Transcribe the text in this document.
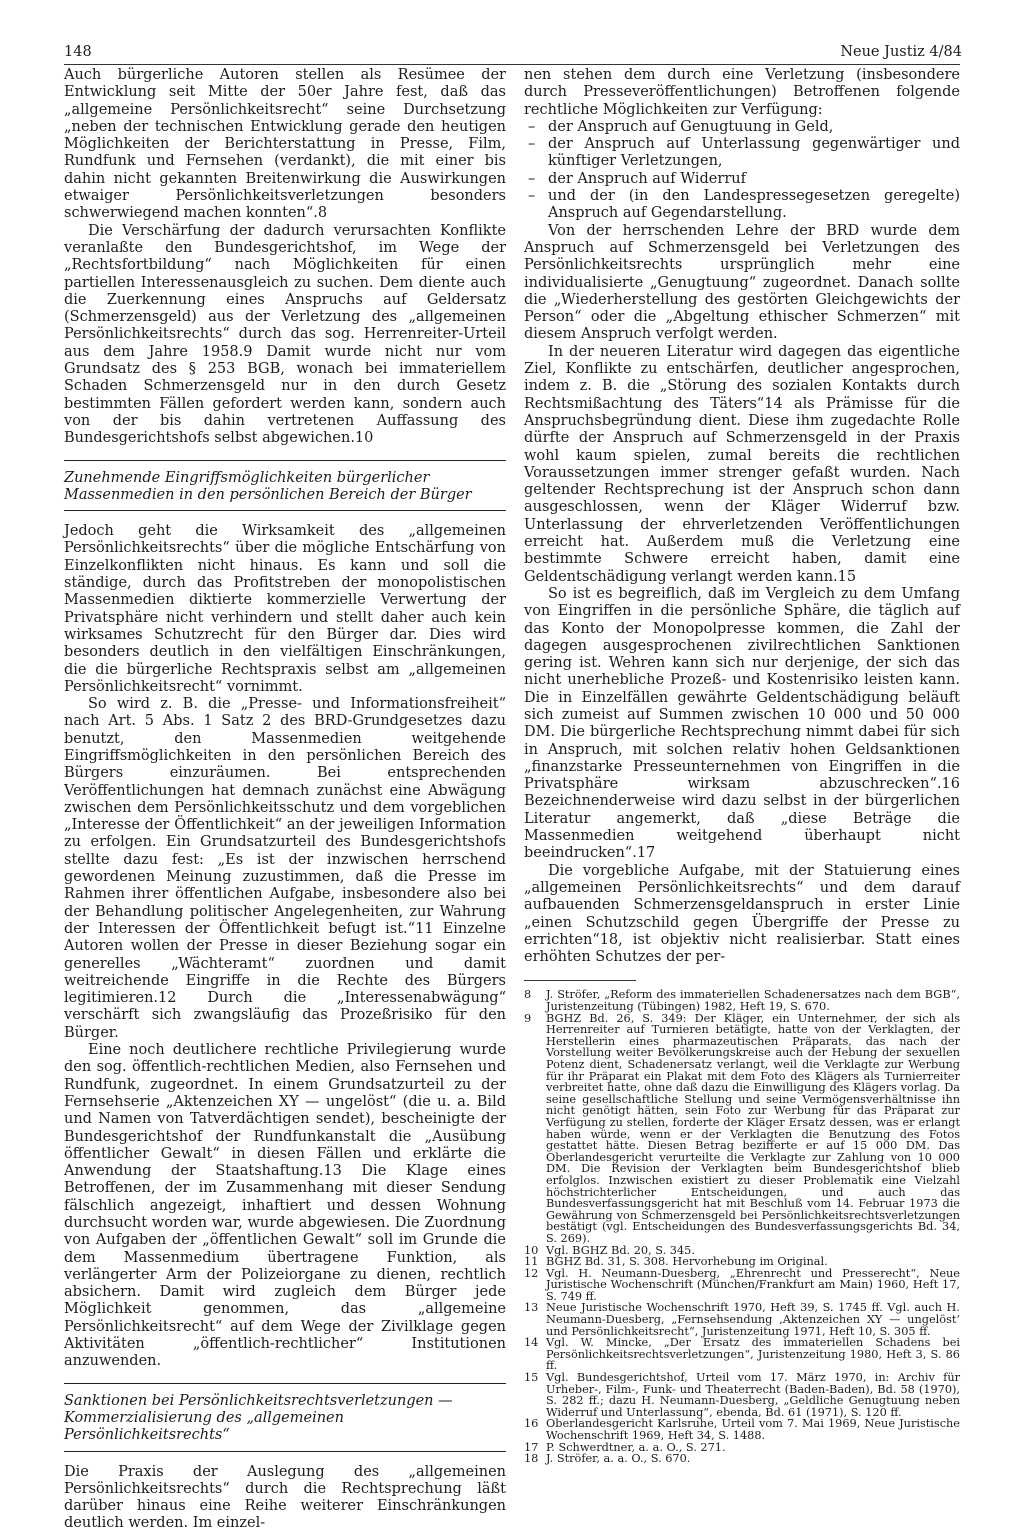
148	Neue Justiz 4/84

Auch bürgerliche Autoren stellen als Resümee der Entwicklung seit Mitte der 50er Jahre fest, daß das „allgemeine Persönlichkeitsrecht“ seine Durchsetzung „neben der technischen Entwicklung gerade den heutigen Möglichkeiten der Berichterstattung in Presse, Film, Rundfunk und Fernsehen (verdankt), die mit einer bis dahin nicht gekannten Breitenwirkung die Auswirkungen etwaiger Persönlichkeitsverletzungen besonders schwerwiegend machen konnten“.8

Die Verschärfung der dadurch verursachten Konflikte veranlaßte den Bundesgerichtshof, im Wege der „Rechtsfortbildung“ nach Möglichkeiten für einen partiellen Interessenausgleich zu suchen. Dem diente auch die Zuerkennung eines Anspruchs auf Geldersatz (Schmerzensgeld) aus der Verletzung des „allgemeinen Persönlichkeitsrechts“ durch das sog. Herrenreiter-Urteil aus dem Jahre 1958.9 Damit wurde nicht nur vom Grundsatz des § 253 BGB, wonach bei immateriellem Schaden Schmerzensgeld nur in den durch Gesetz bestimmten Fällen gefordert werden kann, sondern auch von der bis dahin vertretenen Auffassung des Bundesgerichtshofs selbst abgewichen.10

Zunehmende Eingriffsmöglichkeiten bürgerlicher
Massenmedien in den persönlichen Bereich der Bürger

Jedoch geht die Wirksamkeit des „allgemeinen Persönlichkeitsrechts“ über die mögliche Entschärfung von Einzelkonflikten nicht hinaus. Es kann und soll die ständige, durch das Profitstreben der monopolistischen Massenmedien diktierte kommerzielle Verwertung der Privatsphäre nicht verhindern und stellt daher auch kein wirksames Schutzrecht für den Bürger dar. Dies wird besonders deutlich in den vielfältigen Einschränkungen, die die bürgerliche Rechtspraxis selbst am „allgemeinen Persönlichkeitsrecht“ vornimmt.

So wird z. B. die „Presse- und Informationsfreiheit“ nach Art. 5 Abs. 1 Satz 2 des BRD-Grundgesetzes dazu benutzt, den Massenmedien weitgehende Eingriffsmöglichkeiten in den persönlichen Bereich des Bürgers einzuräumen. Bei entsprechenden Veröffentlichungen hat demnach zunächst eine Abwägung zwischen dem Persönlichkeitsschutz und dem vorgeblichen „Interesse der Öffentlichkeit“ an der jeweiligen Information zu erfolgen. Ein Grundsatzurteil des Bundesgerichtshofs stellte dazu fest: „Es ist der inzwischen herrschend gewordenen Meinung zuzustimmen, daß die Presse im Rahmen ihrer öffentlichen Aufgabe, insbesondere also bei der Behandlung politischer Angelegenheiten, zur Wahrung der Interessen der Öffentlichkeit befugt ist.“11 Einzelne Autoren wollen der Presse in dieser Beziehung sogar ein generelles „Wächteramt“ zuordnen und damit weitreichende Eingriffe in die Rechte des Bürgers legitimieren.12 Durch die „Interessenabwägung“ verschärft sich zwangsläufig das Prozeßrisiko für den Bürger.

Eine noch deutlichere rechtliche Privilegierung wurde den sog. öffentlich-rechtlichen Medien, also Fernsehen und Rundfunk, zugeordnet. In einem Grundsatzurteil zu der Fernsehserie „Aktenzeichen XY — ungelöst“ (die u. a. Bild und Namen von Tatverdächtigen sendet), bescheinigte der Bundesgerichtshof der Rundfunkanstalt die „Ausübung öffentlicher Gewalt“ in diesen Fällen und erklärte die Anwendung der Staatshaftung.13 Die Klage eines Betroffenen, der im Zusammenhang mit dieser Sendung fälschlich angezeigt, inhaftiert und dessen Wohnung durchsucht worden war, wurde abgewiesen. Die Zuordnung von Aufgaben der „öffentlichen Gewalt“ soll im Grunde die dem Massenmedium übertragene Funktion, als verlängerter Arm der Polizeiorgane zu dienen, rechtlich absichern. Damit wird zugleich dem Bürger jede Möglichkeit genommen, das „allgemeine Persönlichkeitsrecht“ auf dem Wege der Zivilklage gegen Aktivitäten „öffentlich-rechtlicher“ Institutionen anzuwenden.

Sanktionen bei Persönlichkeitsrechtsverletzungen —
Kommerzialisierung des „allgemeinen Persönlichkeitsrechts“

Die Praxis der Auslegung des „allgemeinen Persönlichkeitsrechts“ durch die Rechtsprechung läßt darüber hinaus eine Reihe weiterer Einschränkungen deutlich werden. Im einzel-

nen stehen dem durch eine Verletzung (insbesondere durch Presseveröffentlichungen) Betroffenen folgende rechtliche Möglichkeiten zur Verfügung:

– der Anspruch auf Genugtuung in Geld,
– der Anspruch auf Unterlassung gegenwärtiger und künftiger Verletzungen,
– der Anspruch auf Widerruf
– und der (in den Landespressegesetzen geregelte) Anspruch auf Gegendarstellung.

Von der herrschenden Lehre der BRD wurde dem Anspruch auf Schmerzensgeld bei Verletzungen des Persönlichkeitsrechts ursprünglich mehr eine individualisierte „Genugtuung“ zugeordnet. Danach sollte die „Wiederherstellung des gestörten Gleichgewichts der Person“ oder die „Abgeltung ethischer Schmerzen“ mit diesem Anspruch verfolgt werden.

In der neueren Literatur wird dagegen das eigentliche Ziel, Konflikte zu entschärfen, deutlicher angesprochen, indem z. B. die „Störung des sozialen Kontakts durch Rechtsmißachtung des Täters“14 als Prämisse für die Anspruchsbegründung dient. Diese ihm zugedachte Rolle dürfte der Anspruch auf Schmerzensgeld in der Praxis wohl kaum spielen, zumal bereits die rechtlichen Voraussetzungen immer strenger gefaßt wurden. Nach geltender Rechtsprechung ist der Anspruch schon dann ausgeschlossen, wenn der Kläger Widerruf bzw. Unterlassung der ehrverletzenden Veröffentlichungen erreicht hat. Außerdem muß die Verletzung eine bestimmte Schwere erreicht haben, damit eine Geldentschädigung verlangt werden kann.15

So ist es begreiflich, daß im Vergleich zu dem Umfang von Eingriffen in die persönliche Sphäre, die täglich auf das Konto der Monopolpresse kommen, die Zahl der dagegen ausgesprochenen zivilrechtlichen Sanktionen gering ist. Wehren kann sich nur derjenige, der sich das nicht unerhebliche Prozeß- und Kostenrisiko leisten kann. Die in Einzelfällen gewährte Geldentschädigung beläuft sich zumeist auf Summen zwischen 10 000 und 50 000 DM. Die bürgerliche Rechtsprechung nimmt dabei für sich in Anspruch, mit solchen relativ hohen Geldsanktionen „finanzstarke Presseunternehmen von Eingriffen in die Privatsphäre wirksam abzuschrecken“.16 Bezeichnenderweise wird dazu selbst in der bürgerlichen Literatur angemerkt, daß „diese Beträge die Massenmedien weitgehend überhaupt nicht beeindrucken“.17

Die vorgebliche Aufgabe, mit der Statuierung eines „allgemeinen Persönlichkeitsrechts“ und dem darauf aufbauenden Schmerzensgeldanspruch in erster Linie „einen Schutzschild gegen Übergriffe der Presse zu errichten“18, ist objektiv nicht realisierbar. Statt eines erhöhten Schutzes der per-

8	J. Ströfer, „Reform des immateriellen Schadenersatzes nach dem BGB“, Juristenzeitung (Tübingen) 1982, Heft 19, S. 670.
9	BGHZ Bd. 26, S. 349: Der Kläger, ein Unternehmer, der sich als Herrenreiter auf Turnieren betätigte, hatte von der Verklagten, der Herstellerin eines pharmazeutischen Präparats, das nach der Vorstellung weiter Bevölkerungskreise auch der Hebung der sexuellen Potenz dient, Schadenersatz verlangt, weil die Verklagte zur Werbung für ihr Präparat ein Plakat mit dem Foto des Klägers als Turnierreiter verbreitet hatte, ohne daß dazu die Einwilligung des Klägers vorlag. Da seine gesellschaftliche Stellung und seine Vermögensverhältnisse ihn nicht genötigt hätten, sein Foto zur Werbung für das Präparat zur Verfügung zu stellen, forderte der Kläger Ersatz dessen, was er erlangt haben würde, wenn er der Verklagten die Benutzung des Fotos gestattet hätte. Diesen Betrag bezifferte er auf 15 000 DM. Das Oberlandesgericht verurteilte die Verklagte zur Zahlung von 10 000 DM. Die Revision der Verklagten beim Bundesgerichtshof blieb erfolglos. Inzwischen existiert zu dieser Problematik eine Vielzahl höchstrichterlicher Entscheidungen, und auch das Bundesverfassungsgericht hat mit Beschluß vom 14. Februar 1973 die Gewährung von Schmerzensgeld bei Persönlichkeitsrechtsverletzungen bestätigt (vgl. Entscheidungen des Bundesverfassungsgerichts Bd. 34, S. 269).
10 Vgl. BGHZ Bd. 20, S. 345.
11 BGHZ Bd. 31, S. 308. Hervorhebung im Original.
12 Vgl. H. Neumann-Duesberg, „Ehrenrecht und Presserecht“, Neue Juristische Wochenschrift (München/Frankfurt am Main) 1960, Heft 17, S. 749 ff.
13 Neue Juristische Wochenschrift 1970, Heft 39, S. 1745 ff. Vgl. auch H. Neumann-Duesberg, „Fernsehsendung ‚Aktenzeichen XY — ungelöst‘ und Persönlichkeitsrecht“, Juristenzeitung 1971, Heft 10, S. 305 ff.
14 Vgl. W. Mincke, „Der Ersatz des immateriellen Schadens bei Persönlichkeitsrechtsverletzungen“, Juristenzeitung 1980, Heft 3, S. 86 ff.
15 Vgl. Bundesgerichtshof, Urteil vom 17. März 1970, in: Archiv für Urheber-, Film-, Funk- und Theaterrecht (Baden-Baden), Bd. 58 (1970), S. 282 ff.; dazu H. Neumann-Duesberg, „Geldliche Genugtuung neben Widerruf und Unterlassung“, ebenda, Bd. 61 (1971), S. 120 ff.
16 Oberlandesgericht Karlsruhe, Urteil vom 7. Mai 1969, Neue Juristische Wochenschrift 1969, Heft 34, S. 1488.
17 P. Schwerdtner, a. a. O., S. 271.
18 J. Ströfer, a. a. O., S. 670.
